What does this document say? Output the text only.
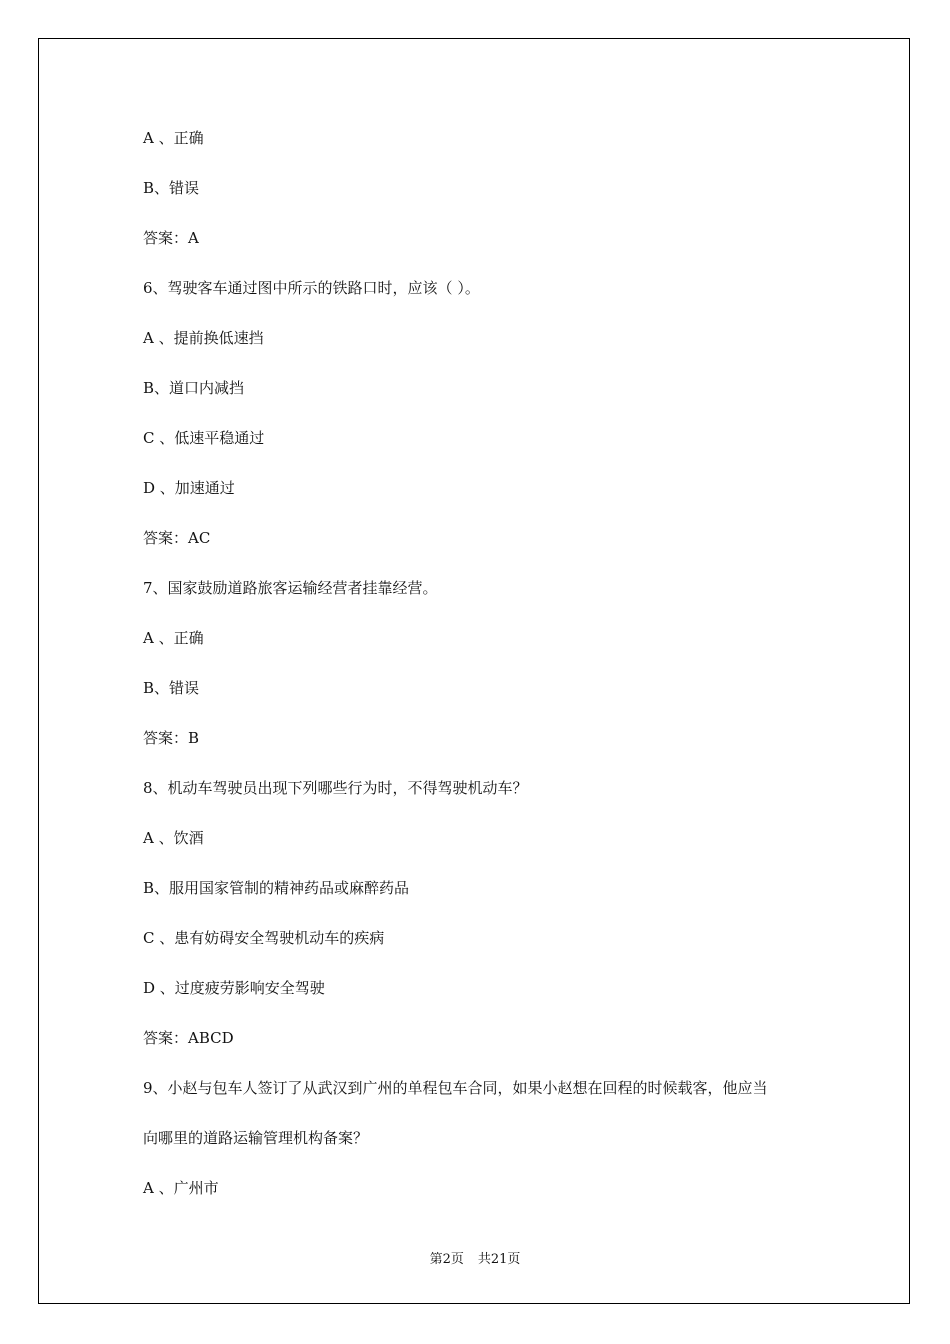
A 、正确
B、错误
答案：A
6、驾驶客车通过图中所示的铁路口时，应该（ ）。
A 、提前换低速挡
B、道口内减挡
C 、低速平稳通过
D 、加速通过
答案：AC
7、国家鼓励道路旅客运输经营者挂靠经营。
A 、正确
B、错误
答案：B
8、机动车驾驶员出现下列哪些行为时，不得驾驶机动车？
A 、饮酒
B、服用国家管制的精神药品或麻醉药品
C 、患有妨碍安全驾驶机动车的疾病
D 、过度疲劳影响安全驾驶
答案：ABCD
9、小赵与包车人签订了从武汉到广州的单程包车合同，如果小赵想在回程的时候载客，他应当
向哪里的道路运输管理机构备案？
A 、广州市
第2页 共21页
